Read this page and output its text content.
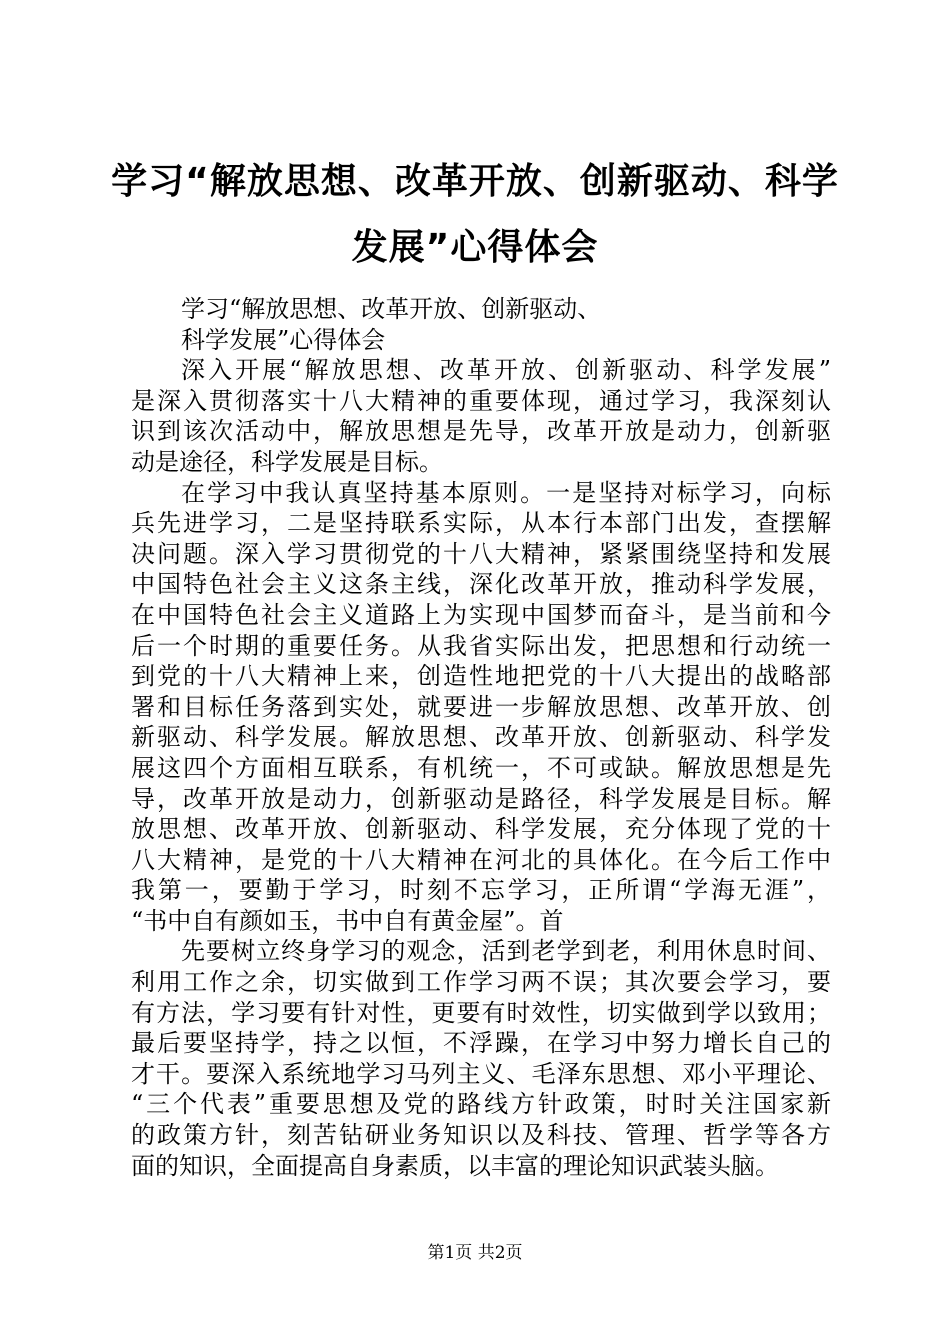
学习“解放思想、改革开放、创新驱动、科学
发展”心得体会
学习“解放思想、改革开放、创新驱动、
科学发展”心得体会
深入开展“解放思想、改革开放、创新驱动、科学发展”
是深入贯彻落实十八大精神的重要体现，通过学习，我深刻认
识到该次活动中，解放思想是先导，改革开放是动力，创新驱
动是途径，科学发展是目标。
在学习中我认真坚持基本原则。一是坚持对标学习，向标
兵先进学习，二是坚持联系实际，从本行本部门出发，查摆解
决问题。深入学习贯彻党的十八大精神，紧紧围绕坚持和发展
中国特色社会主义这条主线，深化改革开放，推动科学发展，
在中国特色社会主义道路上为实现中国梦而奋斗，是当前和今
后一个时期的重要任务。从我省实际出发，把思想和行动统一
到党的十八大精神上来，创造性地把党的十八大提出的战略部
署和目标任务落到实处，就要进一步解放思想、改革开放、创
新驱动、科学发展。解放思想、改革开放、创新驱动、科学发
展这四个方面相互联系，有机统一，不可或缺。解放思想是先
导，改革开放是动力，创新驱动是路径，科学发展是目标。解
放思想、改革开放、创新驱动、科学发展，充分体现了党的十
八大精神，是党的十八大精神在河北的具体化。在今后工作中
我第一，要勤于学习，时刻不忘学习，正所谓“学海无涯”，
“书中自有颜如玉，书中自有黄金屋”。首
先要树立终身学习的观念，活到老学到老，利用休息时间、
利用工作之余，切实做到工作学习两不误；其次要会学习，要
有方法，学习要有针对性，更要有时效性，切实做到学以致用；
最后要坚持学，持之以恒，不浮躁，在学习中努力增长自己的
才干。要深入系统地学习马列主义、毛泽东思想、邓小平理论、
“三个代表”重要思想及党的路线方针政策，时时关注国家新
的政策方针，刻苦钻研业务知识以及科技、管理、哲学等各方
面的知识，全面提高自身素质，以丰富的理论知识武装头脑。
第1页 共2页
